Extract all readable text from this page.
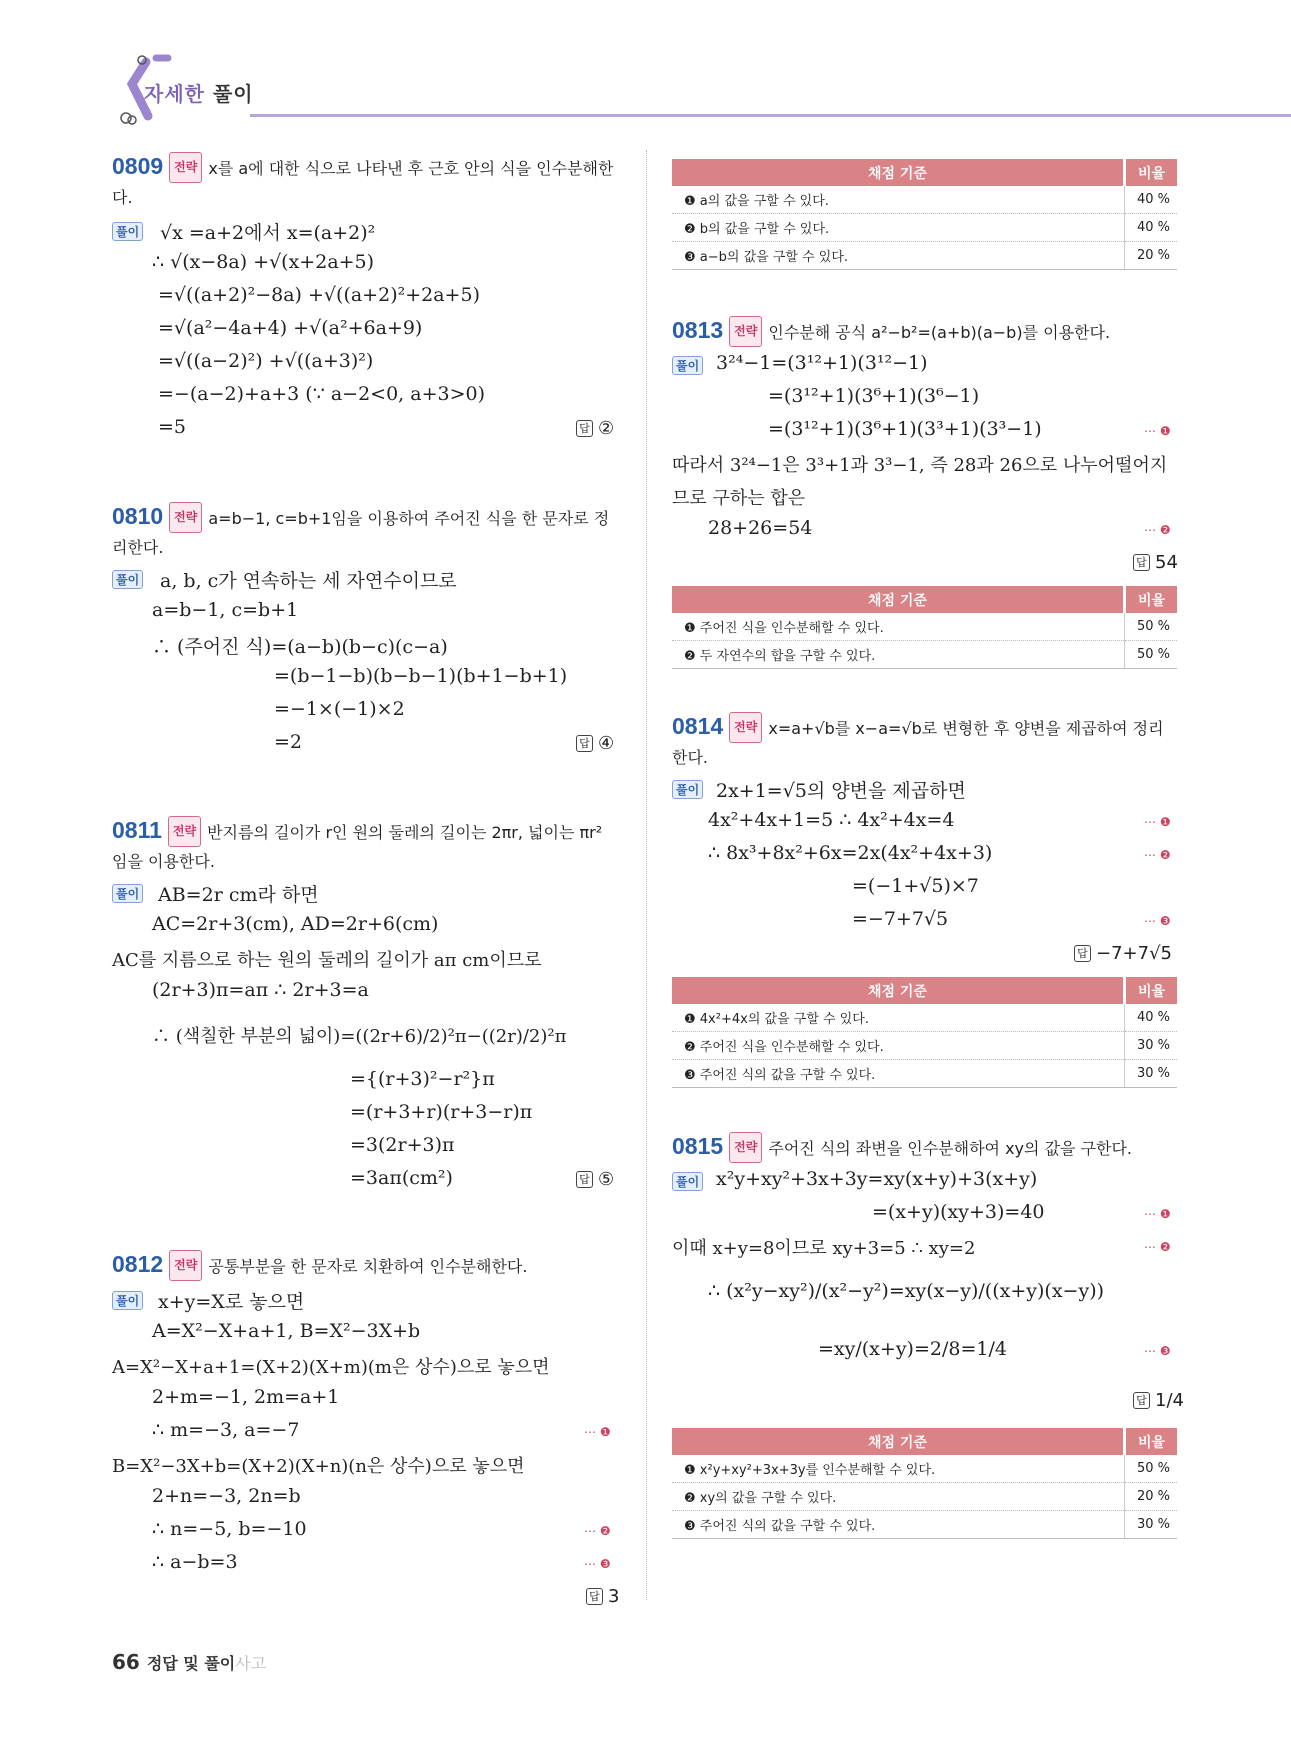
자세한 풀이
0809 전략 x를 a에 대한 식으로 나타낸 후 근호 안의 식을 인수분해한다.
풀이 √x =a+2에서 x=(a+2)²
∴ √(x−8a) +√(x+2a+5)
=√((a+2)²−8a) +√((a+2)²+2a+5)
=√(a²−4a+4) +√(a²+6a+9)
=√((a−2)²) +√((a+3)²)
=−(a−2)+a+3 (∵ a−2<0, a+3>0)
=5	답 ②
0810 전략 a=b−1, c=b+1임을 이용하여 주어진 식을 한 문자로 정리한다.
풀이 a, b, c가 연속하는 세 자연수이므로
a=b−1, c=b+1
∴ (주어진 식)=(a−b)(b−c)(c−a)
=(b−1−b)(b−b−1)(b+1−b+1)
=−1×(−1)×2
=2	답 ④
0811 전략 반지름의 길이가 r인 원의 둘레의 길이는 2πr, 넓이는 πr² 임을 이용한다.
풀이 AB=2r cm라 하면
AC=2r+3(cm), AD=2r+6(cm)
AC를 지름으로 하는 원의 둘레의 길이가 aπ cm이므로
(2r+3)π=aπ ∴ 2r+3=a
∴ (색칠한 부분의 넓이)=((2r+6)/2)²π−((2r)/2)²π
={(r+3)²−r²}π
=(r+3+r)(r+3−r)π
=3(2r+3)π
=3aπ(cm²)	답 ⑤
0812 전략 공통부분을 한 문자로 치환하여 인수분해한다.
풀이 x+y=X로 놓으면
A=X²−X+a+1, B=X²−3X+b
A=X²−X+a+1=(X+2)(X+m)(m은 상수)으로 놓으면
2+m=−1, 2m=a+1
∴ m=−3, a=−7	⋯ ❶
B=X²−3X+b=(X+2)(X+n)(n은 상수)으로 놓으면
2+n=−3, 2n=b
∴ n=−5, b=−10	⋯ ❷
∴ a−b=3	⋯ ❸
답 3
채점 기준	비율
❶ a의 값을 구할 수 있다.	40 %
❷ b의 값을 구할 수 있다.	40 %
❸ a−b의 값을 구할 수 있다.	20 %
0813 전략 인수분해 공식 a²−b²=(a+b)(a−b)를 이용한다.
풀이 3²⁴−1=(3¹²+1)(3¹²−1)
=(3¹²+1)(3⁶+1)(3⁶−1)
=(3¹²+1)(3⁶+1)(3³+1)(3³−1)	⋯ ❶
따라서 3²⁴−1은 3³+1과 3³−1, 즉 28과 26으로 나누어떨어지
므로 구하는 합은
28+26=54	⋯ ❷
답 54
채점 기준	비율
❶ 주어진 식을 인수분해할 수 있다.	50 %
❷ 두 자연수의 합을 구할 수 있다.	50 %
0814 전략 x=a+√b를 x−a=√b로 변형한 후 양변을 제곱하여 정리한다.
풀이 2x+1=√5의 양변을 제곱하면
4x²+4x+1=5 ∴ 4x²+4x=4	⋯ ❶
∴ 8x³+8x²+6x=2x(4x²+4x+3)	⋯ ❷
=(−1+√5)×7
=−7+7√5	⋯ ❸
답 −7+7√5
채점 기준	비율
❶ 4x²+4x의 값을 구할 수 있다.	40 %
❷ 주어진 식을 인수분해할 수 있다.	30 %
❸ 주어진 식의 값을 구할 수 있다.	30 %
0815 전략 주어진 식의 좌변을 인수분해하여 xy의 값을 구한다.
풀이 x²y+xy²+3x+3y=xy(x+y)+3(x+y)
=(x+y)(xy+3)=40	⋯ ❶
이때 x+y=8이므로 xy+3=5 ∴ xy=2	⋯ ❷
∴ (x²y−xy²)/(x²−y²)=xy(x−y)/((x+y)(x−y))
=xy/(x+y)=2/8=1/4	⋯ ❸
답 1/4
채점 기준	비율
❶ x²y+xy²+3x+3y를 인수분해할 수 있다.	50 %
❷ xy의 값을 구할 수 있다.	20 %
❸ 주어진 식의 값을 구할 수 있다.	30 %
66 정답 및 풀이사고
